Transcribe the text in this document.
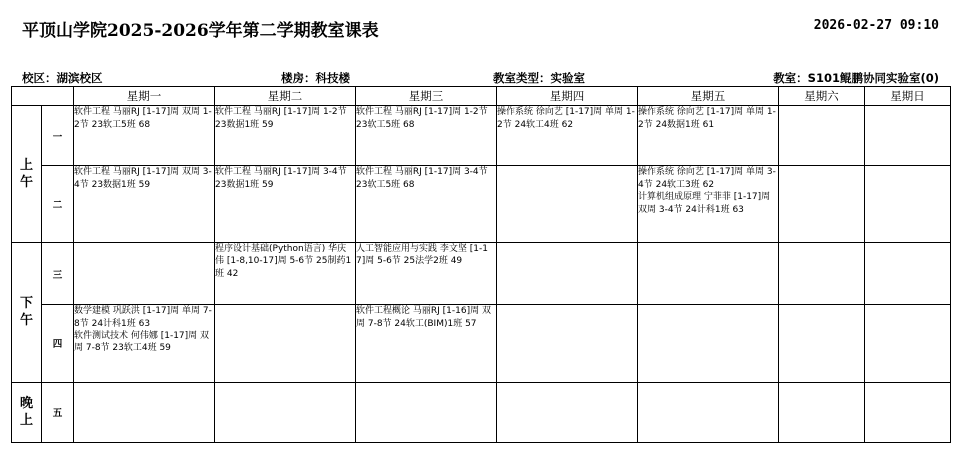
平顶山学院2025-2026学年第二学期教室课表	2026-02-27 09:10
校区：湖滨校区	楼房：科技楼	教室类型：实验室	教室：S101鲲鹏协同实验室(0)
		星期一	星期二	星期三	星期四	星期五	星期六	星期日

上
午	一	软件工程 马丽RJ [1-17]周 双周 1-2节 23软工5班 68	软件工程 马丽RJ [1-17]周 1-2节 23数据1班 59	软件工程 马丽RJ [1-17]周 1-2节 23软工5班 68	操作系统 徐向艺 [1-17]周 单周 1-2节 24软工4班 62	操作系统 徐向艺 [1-17]周 单周 1-2节 24数据1班 61		

	二	软件工程 马丽RJ [1-17]周 双周 3-4节 23数据1班 59	软件工程 马丽RJ [1-17]周 3-4节 23数据1班 59	软件工程 马丽RJ [1-17]周 3-4节 23软工5班 68		操作系统 徐向艺 [1-17]周 单周 3-4节 24软工3班 62
计算机组成原理 宁菲菲 [1-17]周 双周 3-4节 24计科1班 63		

下
午	三		程序设计基础(Python语言) 华庆伟 [1-8,10-17]周 5-6节 25制药1班 42	人工智能应用与实践 李文坚 [1-17]周 5-6节 25法学2班 49				

	四	数学建模 巩跃洪 [1-17]周 单周 7-8节 24计科1班 63
软件测试技术 何伟娜 [1-17]周 双周 7-8节 23软工4班 59		软件工程概论 马丽RJ [1-16]周 双周 7-8节 24软工(BIM)1班 57				

晚
上	五							
